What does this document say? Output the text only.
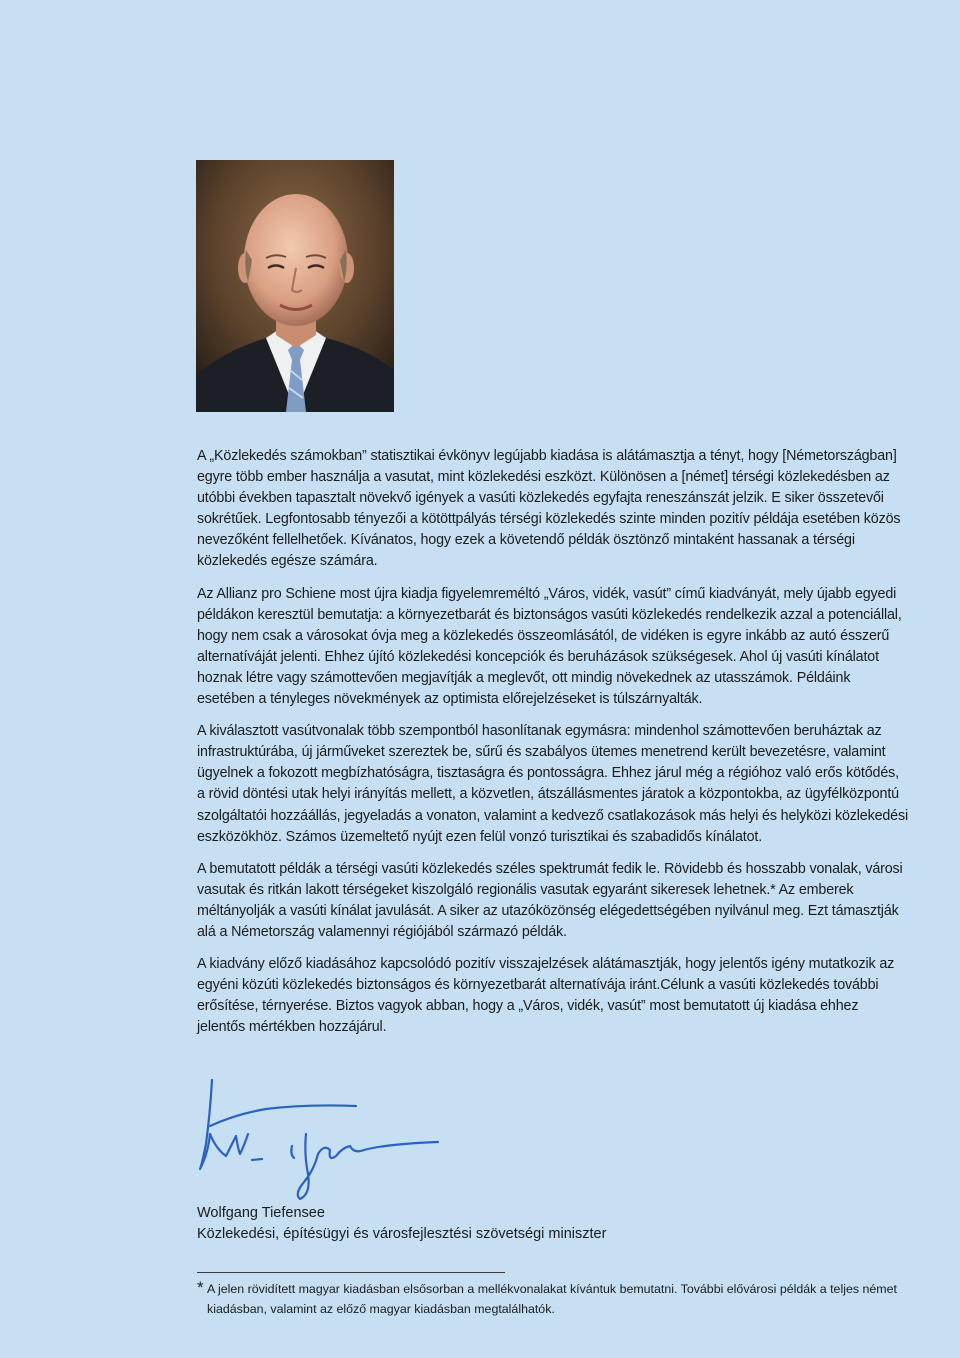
A „Közlekedés számokban” statisztikai évkönyv legújabb kiadása is alátámasztja a tényt, hogy [Németországban] egyre több ember használja a vasutat, mint közlekedési eszközt. Különösen a [német] térségi közlekedésben az utóbbi években tapasztalt növekvő igények a vasúti közlekedés egyfajta reneszánszát jelzik. E siker összetevői sokrétűek. Legfontosabb tényezői a kötöttpályás térségi közlekedés szinte minden pozitív példája esetében közös nevezőként fellelhetőek. Kívánatos, hogy ezek a követendő példák ösztönző mintaként hassanak a térségi közlekedés egésze számára.

Az Allianz pro Schiene most újra kiadja figyelemreméltó „Város, vidék, vasút” című kiadványát, mely újabb egyedi példákon keresztül bemutatja: a környezetbarát és biztonságos vasúti közlekedés rendelkezik azzal a potenciállal, hogy nem csak a városokat óvja meg a közlekedés összeomlásától, de vidéken is egyre inkább az autó ésszerű alternatíváját jelenti. Ehhez újító közlekedési koncepciók és beruházások szükségesek. Ahol új vasúti kínálatot hoznak létre vagy számottevően megjavítják a meglevőt, ott mindig növekednek az utasszámok. Példáink esetében a tényleges növekmények az optimista előrejelzéseket is túlszárnyalták.

A kiválasztott vasútvonalak több szempontból hasonlítanak egymásra: mindenhol számottevően beruháztak az infrastruktúrába, új járműveket szereztek be, sűrű és szabályos ütemes menetrend került bevezetésre, valamint ügyelnek a fokozott megbízhatóságra, tisztaságra és pontosságra. Ehhez járul még a régióhoz való erős kötődés, a rövid döntési utak helyi irányítás mellett, a közvetlen, átszállásmentes járatok a központokba, az ügyfélközpontú szolgáltatói hozzáállás, jegyeladás a vonaton, valamint a kedvező csatlakozások más helyi és helyközi közlekedési eszközökhöz. Számos üzemeltető nyújt ezen felül vonzó turisztikai és szabadidős kínálatot.

A bemutatott példák a térségi vasúti közlekedés széles spektrumát fedik le. Rövidebb és hosszabb vonalak, városi vasutak és ritkán lakott térségeket kiszolgáló regionális vasutak egyaránt sikeresek lehetnek.* Az emberek méltányolják a vasúti kínálat javulását. A siker az utazóközönség elégedettségében nyilvánul meg. Ezt támasztják alá a Németország valamennyi régiójából származó példák.

A kiadvány előző kiadásához kapcsolódó pozitív visszajelzések alátámasztják, hogy jelentős igény mutatkozik az egyéni közúti közlekedés biztonságos és környezetbarát alternatívája iránt.Célunk a vasúti közlekedés további erősítése, térnyerése. Biztos vagyok abban, hogy a „Város, vidék, vasút” most bemutatott új kiadása ehhez jelentős mértékben hozzájárul.

Wolfgang Tiefensee
Közlekedési, építésügyi és városfejlesztési szövetségi miniszter
* A jelen rövidített magyar kiadásban elsősorban a mellékvonalakat kívántuk bemutatni. További elővárosi példák a teljes német kiadásban, valamint az előző magyar kiadásban megtalálhatók.
